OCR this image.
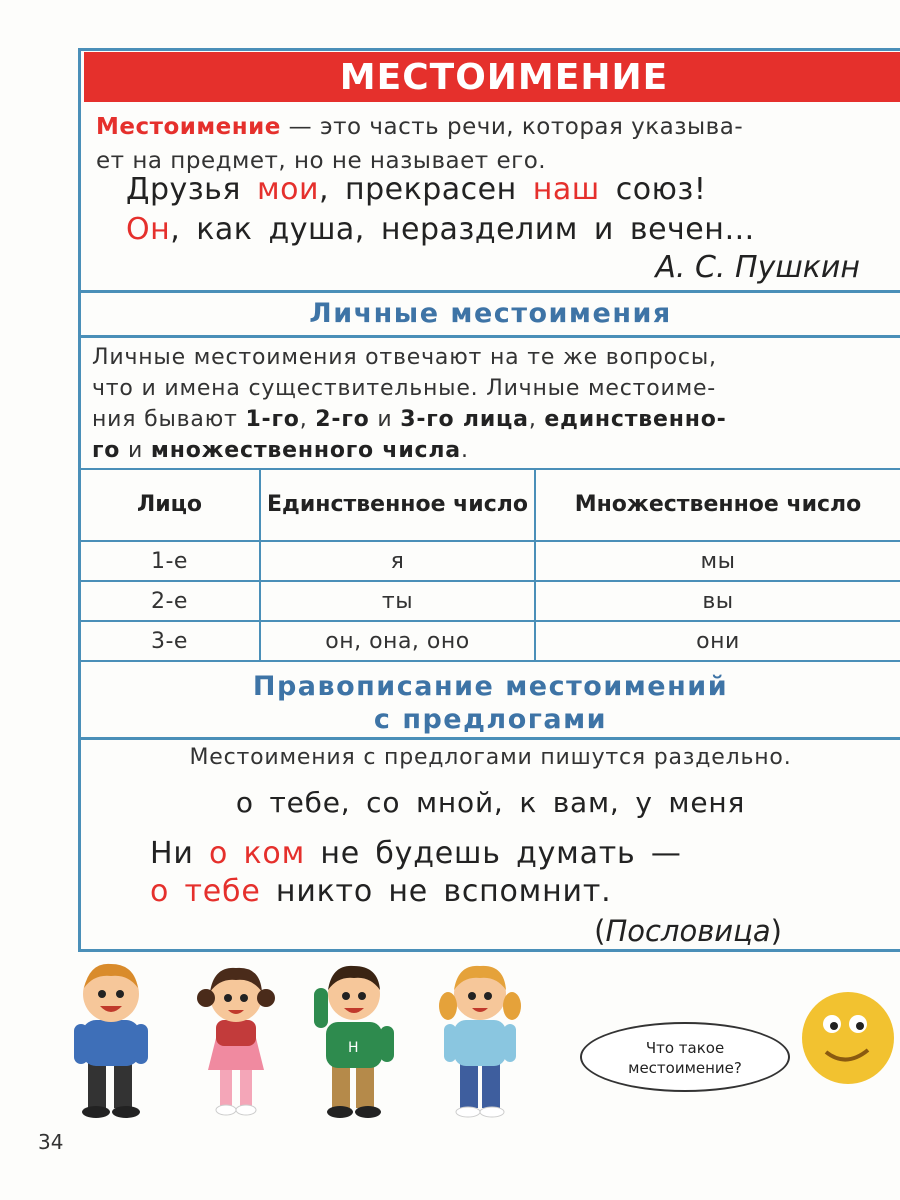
МЕСТОИМЕНИЕ
Местоимение — это часть речи, которая указыва-
ет на предмет, но не называет его.
Друзья мои, прекрасен наш союз!
Он, как душа, неразделим и вечен…
А. С. Пушкин
Личные местоимения
Личные местоимения отвечают на те же вопросы,
что и имена существительные. Личные местоиме-
ния бывают 1-го, 2-го и 3-го лица, единственно-
го и множественного числа.
Лицо	Единственное число	Множественное число
1-е	я	мы
2-е	ты	вы
3-е	он, она, оно	они
Правописание местоимений
с предлогами
Местоимения с предлогами пишутся раздельно.
о тебе, со мной, к вам, у меня
Ни о ком не будешь думать —
о тебе никто не вспомнит.
(Пословица)
Н	Что такое
местоимение?
34
